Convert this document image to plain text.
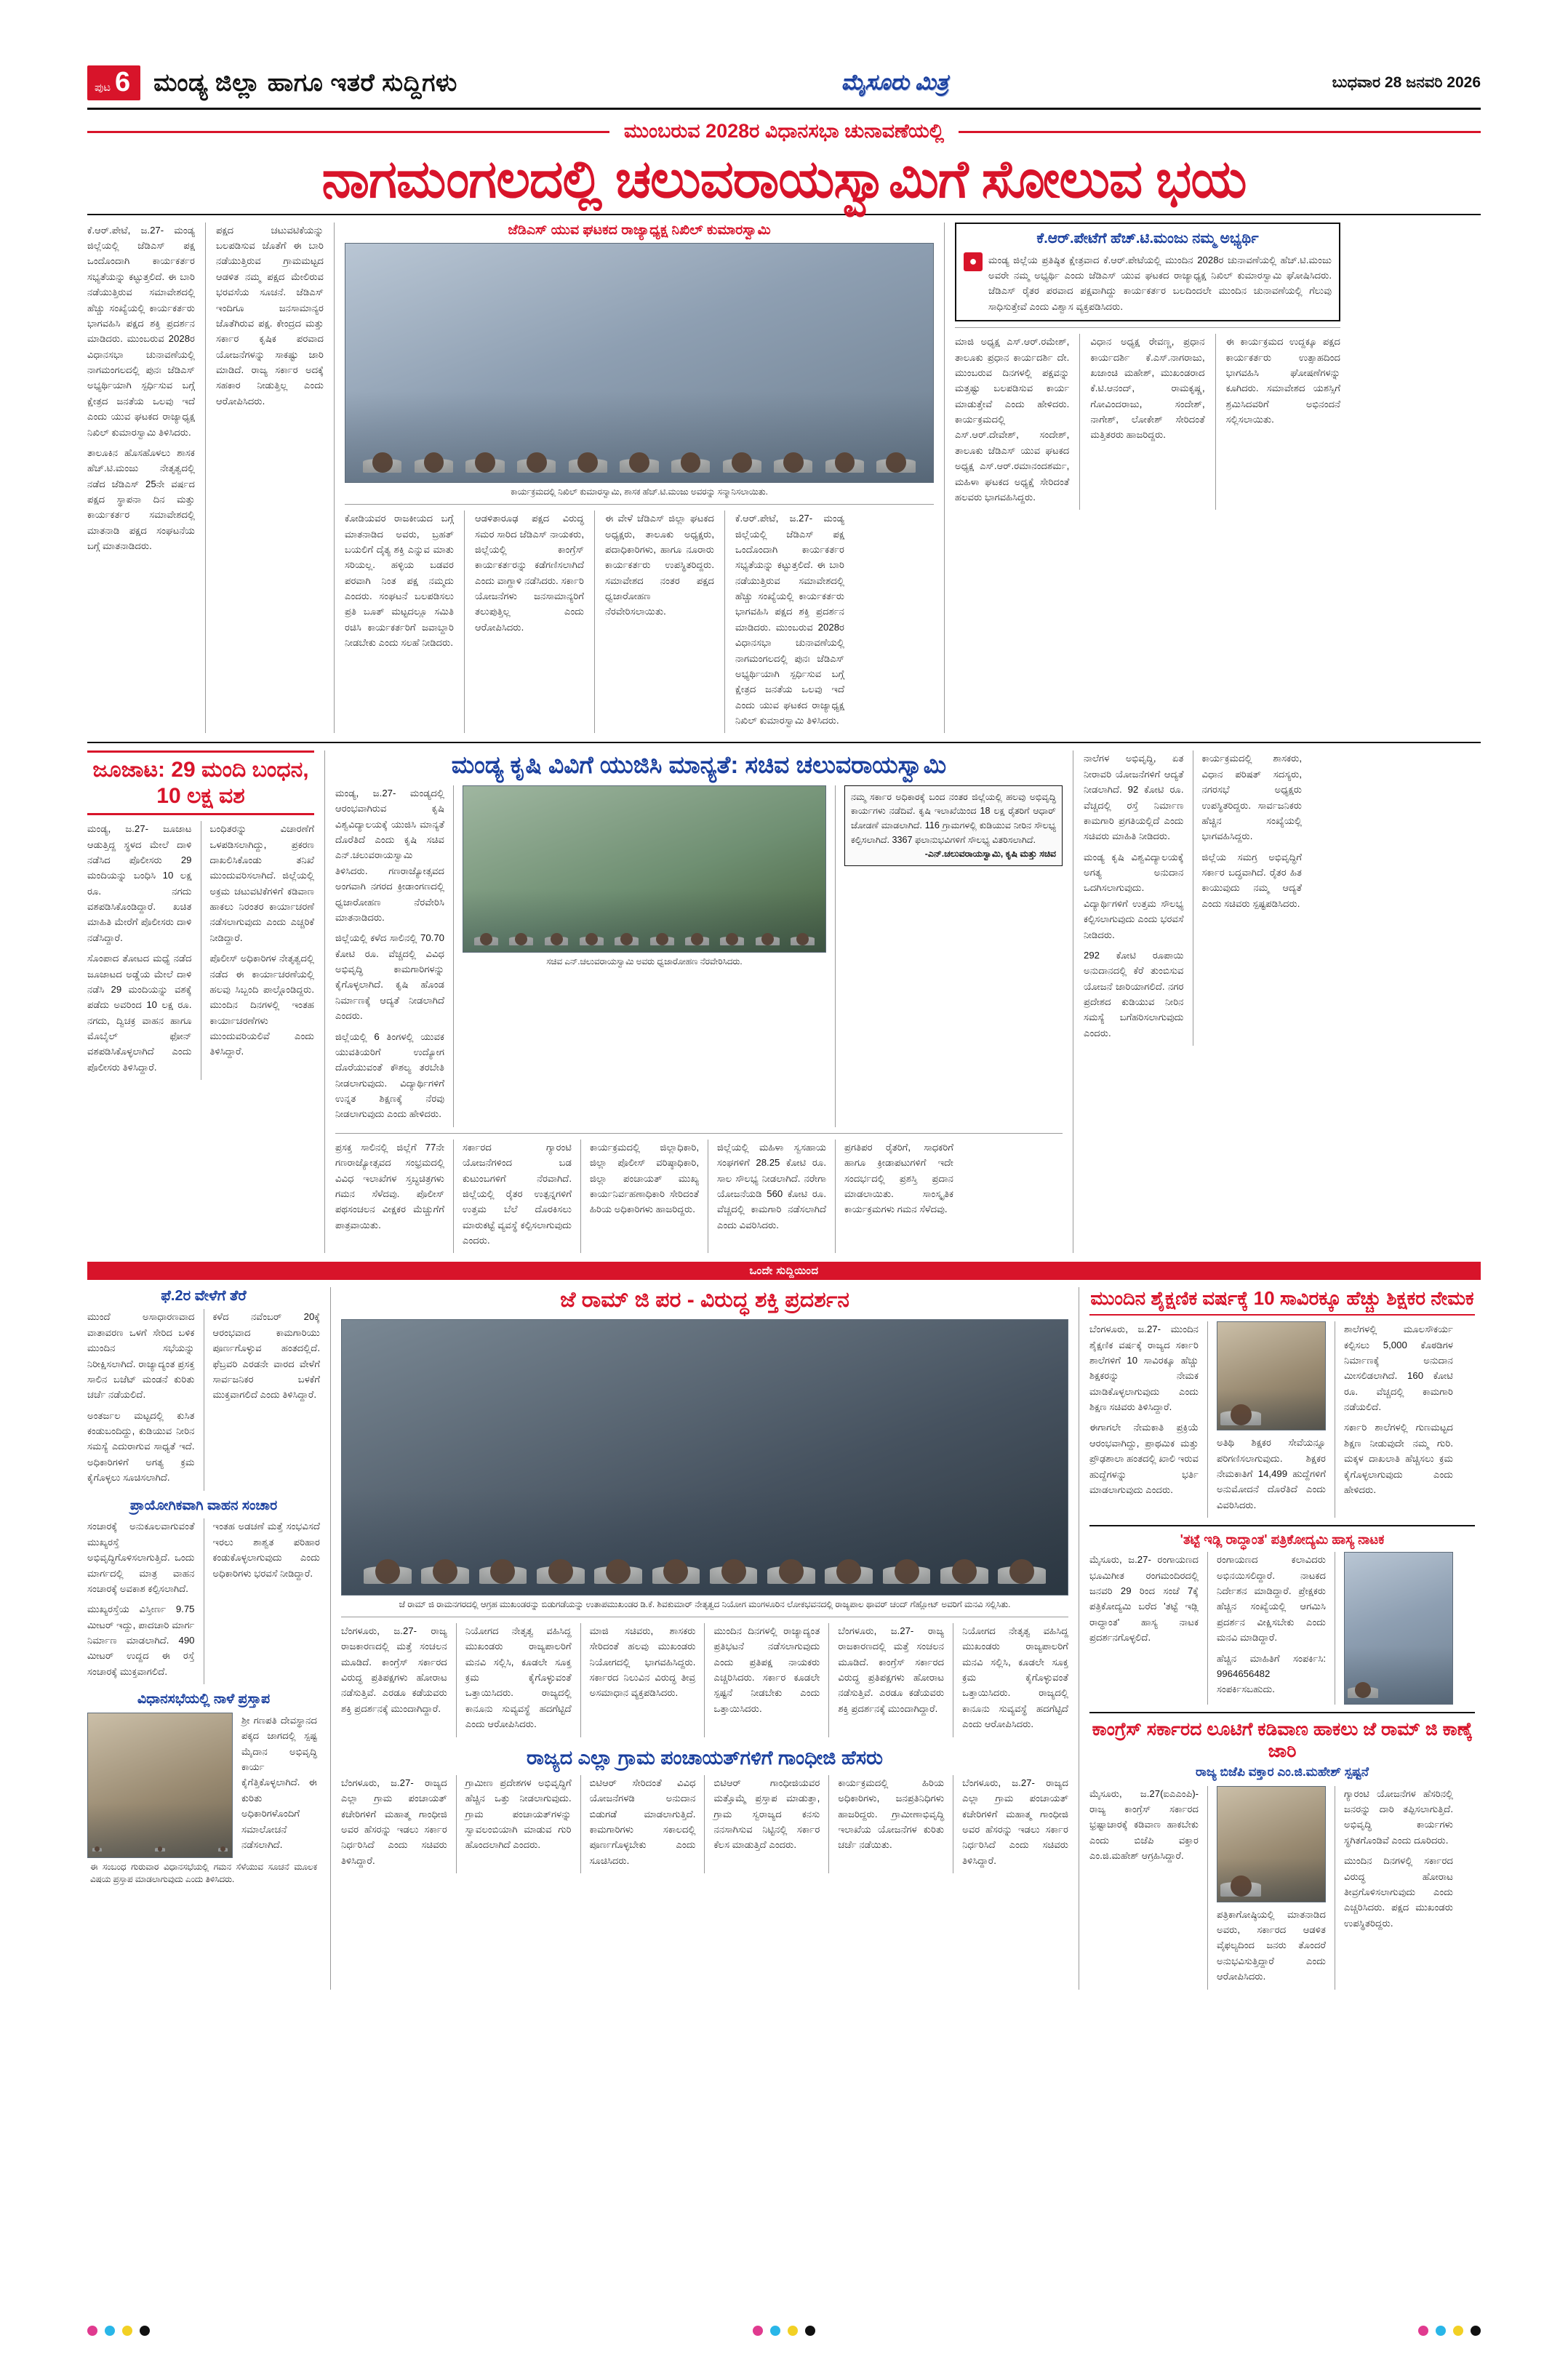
ಪುಟ 6 ಮಂಡ್ಯ ಜಿಲ್ಲಾ ಹಾಗೂ ಇತರೆ ಸುದ್ದಿಗಳು	ಮೈಸೂರು ಮಿತ್ರ	ಬುಧವಾರ 28 ಜನವರಿ 2026
ಮುಂಬರುವ 2028ರ ವಿಧಾನಸಭಾ ಚುನಾವಣೆಯಲ್ಲಿ
ನಾಗಮಂಗಲದಲ್ಲಿ ಚಲುವರಾಯಸ್ವಾಮಿಗೆ ಸೋಲುವ ಭಯ

ಕೆ.ಆರ್.ಪೇಟೆ, ಜ.27- ಮಂಡ್ಯ ಜಿಲ್ಲೆಯಲ್ಲಿ ಜೆಡಿಎಸ್ ಪಕ್ಷ ಒಂದೊಂದಾಗಿ ಕಾರ್ಯಕರ್ತರ ಸಭ್ಯತೆಯನ್ನು ಕಟ್ಟುತ್ತಲಿದೆ. ಈ ಬಾರಿ ನಡೆಯುತ್ತಿರುವ ಸಮಾವೇಶದಲ್ಲಿ ಹೆಚ್ಚು ಸಂಖ್ಯೆಯಲ್ಲಿ ಕಾರ್ಯಕರ್ತರು ಭಾಗವಹಿಸಿ ಪಕ್ಷದ ಶಕ್ತಿ ಪ್ರದರ್ಶನ ಮಾಡಿದರು. ಮುಂಬರುವ 2028ರ ವಿಧಾನಸಭಾ ಚುನಾವಣೆಯಲ್ಲಿ ನಾಗಮಂಗಲದಲ್ಲಿ ಪುನಃ ಜೆಡಿಎಸ್ ಅಭ್ಯರ್ಥಿಯಾಗಿ ಸ್ಪರ್ಧಿಸುವ ಬಗ್ಗೆ ಕ್ಷೇತ್ರದ ಜನತೆಯ ಒಲವು ಇದೆ ಎಂದು ಯುವ ಘಟಕದ ರಾಜ್ಯಾಧ್ಯಕ್ಷ ನಿಖಿಲ್ ಕುಮಾರಸ್ವಾಮಿ ತಿಳಿಸಿದರು.

ತಾಲೂಕಿನ ಹೊಸಹೊಳಲು ಶಾಸಕ ಹೆಚ್.ಟಿ.ಮಂಜು ನೇತೃತ್ವದಲ್ಲಿ ನಡೆದ ಜೆಡಿಎಸ್ 25ನೇ ವರ್ಷದ ಪಕ್ಷದ ಸ್ಥಾಪನಾ ದಿನ ಮತ್ತು ಕಾರ್ಯಕರ್ತರ ಸಮಾವೇಶದಲ್ಲಿ ಮಾತನಾಡಿ ಪಕ್ಷದ ಸಂಘಟನೆಯ ಬಗ್ಗೆ ಮಾತನಾಡಿದರು.

ಪಕ್ಷದ ಚಟುವಟಿಕೆಯನ್ನು ಬಲಪಡಿಸುವ ಜೊತೆಗೆ ಈ ಬಾರಿ ನಡೆಯುತ್ತಿರುವ ಗ್ರಾಮಮಟ್ಟದ ಆಡಳಿತ ನಮ್ಮ ಪಕ್ಷದ ಮೇಲಿರುವ ಭರವಸೆಯ ಸೂಚನೆ. ಜೆಡಿಎಸ್ ಇಂದಿಗೂ ಜನಸಾಮಾನ್ಯರ ಜೊತೆಗಿರುವ ಪಕ್ಷ. ಕೇಂದ್ರದ ಮತ್ತು ಸರ್ಕಾರ ಕೃಷಿಕ ಪರವಾದ ಯೋಜನೆಗಳನ್ನು ಸಾಕಷ್ಟು ಜಾರಿ ಮಾಡಿದೆ. ರಾಜ್ಯ ಸರ್ಕಾರ ಅದಕ್ಕೆ ಸಹಕಾರ ನೀಡುತ್ತಿಲ್ಲ ಎಂದು ಆರೋಪಿಸಿದರು.

ಜೆಡಿಎಸ್ ಯುವ ಘಟಕದ ರಾಜ್ಯಾಧ್ಯಕ್ಷ ನಿಖಿಲ್ ಕುಮಾರಸ್ವಾಮಿ
ಕಾರ್ಯಕ್ರಮದಲ್ಲಿ ನಿಖಿಲ್ ಕುಮಾರಸ್ವಾಮಿ, ಶಾಸಕ ಹೆಚ್.ಟಿ.ಮಂಜು ಅವರನ್ನು ಸನ್ಮಾನಿಸಲಾಯಿತು.

ಕೋಡಿಯವರ ರಾಜಕೀಯದ ಬಗ್ಗೆ ಮಾತನಾಡಿದ ಅವರು, ಬ್ರಹತ್ ಬಯಲಿಗೆ ದೈತ್ಯ ಶಕ್ತಿ ಎನ್ನುವ ಮಾತು ಸರಿಯಲ್ಲ. ಹಳ್ಳಿಯ ಬಡವರ ಪರವಾಗಿ ನಿಂತ ಪಕ್ಷ ನಮ್ಮದು ಎಂದರು. ಸಂಘಟನೆ ಬಲಪಡಿಸಲು ಪ್ರತಿ ಬೂತ್ ಮಟ್ಟದಲ್ಲೂ ಸಮಿತಿ ರಚಿಸಿ ಕಾರ್ಯಕರ್ತರಿಗೆ ಜವಾಬ್ದಾರಿ ನೀಡಬೇಕು ಎಂದು ಸಲಹೆ ನೀಡಿದರು.

ಆಡಳಿತಾರೂಢ ಪಕ್ಷದ ವಿರುದ್ಧ ಸಮರ ಸಾರಿದ ಜೆಡಿಎಸ್ ನಾಯಕರು, ಜಿಲ್ಲೆಯಲ್ಲಿ ಕಾಂಗ್ರೆಸ್ ಕಾರ್ಯಕರ್ತರನ್ನು ಕಡೆಗಣಿಸಲಾಗಿದೆ ಎಂದು ವಾಗ್ದಾಳಿ ನಡೆಸಿದರು. ಸರ್ಕಾರಿ ಯೋಜನೆಗಳು ಜನಸಾಮಾನ್ಯರಿಗೆ ತಲುಪುತ್ತಿಲ್ಲ ಎಂದು ಆರೋಪಿಸಿದರು.

ಈ ವೇಳೆ ಜೆಡಿಎಸ್ ಜಿಲ್ಲಾ ಘಟಕದ ಅಧ್ಯಕ್ಷರು, ತಾಲೂಕು ಅಧ್ಯಕ್ಷರು, ಪದಾಧಿಕಾರಿಗಳು, ಹಾಗೂ ನೂರಾರು ಕಾರ್ಯಕರ್ತರು ಉಪಸ್ಥಿತರಿದ್ದರು. ಸಮಾವೇಶದ ನಂತರ ಪಕ್ಷದ ಧ್ವಜಾರೋಹಣ ನೆರವೇರಿಸಲಾಯಿತು.

ಕೆ.ಆರ್.ಪೇಟೆ, ಜ.27- ಮಂಡ್ಯ ಜಿಲ್ಲೆಯಲ್ಲಿ ಜೆಡಿಎಸ್ ಪಕ್ಷ ಒಂದೊಂದಾಗಿ ಕಾರ್ಯಕರ್ತರ ಸಭ್ಯತೆಯನ್ನು ಕಟ್ಟುತ್ತಲಿದೆ. ಈ ಬಾರಿ ನಡೆಯುತ್ತಿರುವ ಸಮಾವೇಶದಲ್ಲಿ ಹೆಚ್ಚು ಸಂಖ್ಯೆಯಲ್ಲಿ ಕಾರ್ಯಕರ್ತರು ಭಾಗವಹಿಸಿ ಪಕ್ಷದ ಶಕ್ತಿ ಪ್ರದರ್ಶನ ಮಾಡಿದರು. ಮುಂಬರುವ 2028ರ ವಿಧಾನಸಭಾ ಚುನಾವಣೆಯಲ್ಲಿ ನಾಗಮಂಗಲದಲ್ಲಿ ಪುನಃ ಜೆಡಿಎಸ್ ಅಭ್ಯರ್ಥಿಯಾಗಿ ಸ್ಪರ್ಧಿಸುವ ಬಗ್ಗೆ ಕ್ಷೇತ್ರದ ಜನತೆಯ ಒಲವು ಇದೆ ಎಂದು ಯುವ ಘಟಕದ ರಾಜ್ಯಾಧ್ಯಕ್ಷ ನಿಖಿಲ್ ಕುಮಾರಸ್ವಾಮಿ ತಿಳಿಸಿದರು.

ಕೆ.ಆರ್.ಪೇಟೆಗೆ ಹೆಚ್.ಟಿ.ಮಂಜು ನಮ್ಮ ಅಭ್ಯರ್ಥಿ
●	ಮಂಡ್ಯ ಜಿಲ್ಲೆಯ ಪ್ರತಿಷ್ಠಿತ ಕ್ಷೇತ್ರವಾದ ಕೆ.ಆರ್.ಪೇಟೆಯಲ್ಲಿ ಮುಂದಿನ 2028ರ ಚುನಾವಣೆಯಲ್ಲಿ ಹೆಚ್.ಟಿ.ಮಂಜು ಅವರೇ ನಮ್ಮ ಅಭ್ಯರ್ಥಿ ಎಂದು ಜೆಡಿಎಸ್ ಯುವ ಘಟಕದ ರಾಜ್ಯಾಧ್ಯಕ್ಷ ನಿಖಿಲ್ ಕುಮಾರಸ್ವಾಮಿ ಘೋಷಿಸಿದರು. ಜೆಡಿಎಸ್ ರೈತರ ಪರವಾದ ಪಕ್ಷವಾಗಿದ್ದು ಕಾರ್ಯಕರ್ತರ ಬಲದಿಂದಲೇ ಮುಂದಿನ ಚುನಾವಣೆಯಲ್ಲಿ ಗೆಲುವು ಸಾಧಿಸುತ್ತೇವೆ ಎಂದು ವಿಶ್ವಾಸ ವ್ಯಕ್ತಪಡಿಸಿದರು.

ಮಾಜಿ ಅಧ್ಯಕ್ಷ ಎಸ್.ಆರ್.ರಮೇಶ್, ತಾಲೂಕು ಪ್ರಧಾನ ಕಾರ್ಯದರ್ಶಿ ದೇ. ಮುಂಬರುವ ದಿನಗಳಲ್ಲಿ ಪಕ್ಷವನ್ನು ಮತ್ತಷ್ಟು ಬಲಪಡಿಸುವ ಕಾರ್ಯ ಮಾಡುತ್ತೇವೆ ಎಂದು ಹೇಳಿದರು. ಕಾರ್ಯಕ್ರಮದಲ್ಲಿ ಎಸ್.ಆರ್.ದೇವೇಶ್, ಸಂದೇಶ್, ತಾಲೂಕು ಜೆಡಿಎಸ್ ಯುವ ಘಟಕದ ಅಧ್ಯಕ್ಷ ಎಸ್.ಆರ್.ರಮಾನಂದಶರ್ಮ, ಮಹಿಳಾ ಘಟಕದ ಅಧ್ಯಕ್ಷೆ ಸೇರಿದಂತೆ ಹಲವರು ಭಾಗವಹಿಸಿದ್ದರು.

ವಿಧಾನ ಅಧ್ಯಕ್ಷ ರೇವಣ್ಣ, ಪ್ರಧಾನ ಕಾರ್ಯದರ್ಶಿ ಕೆ.ಎಸ್.ನಾಗರಾಜು, ಖಜಾಂಚಿ ಮಹೇಶ್, ಮುಖಂಡರಾದ ಕೆ.ಟಿ.ಆನಂದ್, ರಾಮಕೃಷ್ಣ, ಗೋವಿಂದರಾಜು, ಸಂದೇಶ್, ನಾಗೇಶ್, ಲೋಕೇಶ್ ಸೇರಿದಂತೆ ಮತ್ತಿತರರು ಹಾಜರಿದ್ದರು.

ಈ ಕಾರ್ಯಕ್ರಮದ ಉದ್ದಕ್ಕೂ ಪಕ್ಷದ ಕಾರ್ಯಕರ್ತರು ಉತ್ಸಾಹದಿಂದ ಭಾಗವಹಿಸಿ ಘೋಷಣೆಗಳನ್ನು ಕೂಗಿದರು. ಸಮಾವೇಶದ ಯಶಸ್ಸಿಗೆ ಶ್ರಮಿಸಿದವರಿಗೆ ಅಭಿನಂದನೆ ಸಲ್ಲಿಸಲಾಯಿತು.

ಜೂಜಾಟ: 29 ಮಂದಿ ಬಂಧನ, 10 ಲಕ್ಷ ವಶ

ಮಂಡ್ಯ, ಜ.27- ಜೂಜಾಟ ಆಡುತ್ತಿದ್ದ ಸ್ಥಳದ ಮೇಲೆ ದಾಳಿ ನಡೆಸಿದ ಪೊಲೀಸರು 29 ಮಂದಿಯನ್ನು ಬಂಧಿಸಿ 10 ಲಕ್ಷ ರೂ. ನಗದು ವಶಪಡಿಸಿಕೊಂಡಿದ್ದಾರೆ. ಖಚಿತ ಮಾಹಿತಿ ಮೇರೆಗೆ ಪೊಲೀಸರು ದಾಳಿ ನಡೆಸಿದ್ದಾರೆ.

ಸೊಂಪಾದ ತೋಟದ ಮಧ್ಯೆ ನಡೆದ ಜೂಜಾಟದ ಅಡ್ಡೆಯ ಮೇಲೆ ದಾಳಿ ನಡೆಸಿ 29 ಮಂದಿಯನ್ನು ವಶಕ್ಕೆ ಪಡೆದು ಅವರಿಂದ 10 ಲಕ್ಷ ರೂ. ನಗದು, ದ್ವಿಚಕ್ರ ವಾಹನ ಹಾಗೂ ಮೊಬೈಲ್ ಫೋನ್ ವಶಪಡಿಸಿಕೊಳ್ಳಲಾಗಿದೆ ಎಂದು ಪೊಲೀಸರು ತಿಳಿಸಿದ್ದಾರೆ.

ಬಂಧಿತರನ್ನು ವಿಚಾರಣೆಗೆ ಒಳಪಡಿಸಲಾಗಿದ್ದು, ಪ್ರಕರಣ ದಾಖಲಿಸಿಕೊಂಡು ತನಿಖೆ ಮುಂದುವರಿಸಲಾಗಿದೆ. ಜಿಲ್ಲೆಯಲ್ಲಿ ಅಕ್ರಮ ಚಟುವಟಿಕೆಗಳಿಗೆ ಕಡಿವಾಣ ಹಾಕಲು ನಿರಂತರ ಕಾರ್ಯಾಚರಣೆ ನಡೆಸಲಾಗುವುದು ಎಂದು ಎಚ್ಚರಿಕೆ ನೀಡಿದ್ದಾರೆ.

ಪೊಲೀಸ್ ಅಧಿಕಾರಿಗಳ ನೇತೃತ್ವದಲ್ಲಿ ನಡೆದ ಈ ಕಾರ್ಯಾಚರಣೆಯಲ್ಲಿ ಹಲವು ಸಿಬ್ಬಂದಿ ಪಾಲ್ಗೊಂಡಿದ್ದರು. ಮುಂದಿನ ದಿನಗಳಲ್ಲಿ ಇಂತಹ ಕಾರ್ಯಾಚರಣೆಗಳು ಮುಂದುವರಿಯಲಿವೆ ಎಂದು ತಿಳಿಸಿದ್ದಾರೆ.

ಮಂಡ್ಯ ಕೃಷಿ ವಿವಿಗೆ ಯುಜಿಸಿ ಮಾನ್ಯತೆ: ಸಚಿವ ಚಲುವರಾಯಸ್ವಾಮಿ

ಮಂಡ್ಯ, ಜ.27- ಮಂಡ್ಯದಲ್ಲಿ ಆರಂಭವಾಗಿರುವ ಕೃಷಿ ವಿಶ್ವವಿದ್ಯಾಲಯಕ್ಕೆ ಯುಜಿಸಿ ಮಾನ್ಯತೆ ದೊರೆತಿದೆ ಎಂದು ಕೃಷಿ ಸಚಿವ ಎನ್.ಚಲುವರಾಯಸ್ವಾಮಿ ತಿಳಿಸಿದರು. ಗಣರಾಜ್ಯೋತ್ಸವದ ಅಂಗವಾಗಿ ನಗರದ ಕ್ರೀಡಾಂಗಣದಲ್ಲಿ ಧ್ವಜಾರೋಹಣ ನೆರವೇರಿಸಿ ಮಾತನಾಡಿದರು.

ಜಿಲ್ಲೆಯಲ್ಲಿ ಕಳೆದ ಸಾಲಿನಲ್ಲಿ 70.70 ಕೋಟಿ ರೂ. ವೆಚ್ಚದಲ್ಲಿ ವಿವಿಧ ಅಭಿವೃದ್ಧಿ ಕಾಮಗಾರಿಗಳನ್ನು ಕೈಗೊಳ್ಳಲಾಗಿದೆ. ಕೃಷಿ ಹೊಂಡ ನಿರ್ಮಾಣಕ್ಕೆ ಆದ್ಯತೆ ನೀಡಲಾಗಿದೆ ಎಂದರು.

ಜಿಲ್ಲೆಯಲ್ಲಿ 6 ತಿಂಗಳಲ್ಲಿ ಯುವಕ ಯುವತಿಯರಿಗೆ ಉದ್ಯೋಗ ದೊರೆಯುವಂತೆ ಕೌಶಲ್ಯ ತರಬೇತಿ ನೀಡಲಾಗುವುದು. ವಿದ್ಯಾರ್ಥಿಗಳಿಗೆ ಉನ್ನತ ಶಿಕ್ಷಣಕ್ಕೆ ನೆರವು ನೀಡಲಾಗುವುದು ಎಂದು ಹೇಳಿದರು.

ಸಚಿವ ಎನ್.ಚಲುವರಾಯಸ್ವಾಮಿ ಅವರು ಧ್ವಜಾರೋಹಣ ನೆರವೇರಿಸಿದರು.
ನಮ್ಮ ಸರ್ಕಾರ ಅಧಿಕಾರಕ್ಕೆ ಬಂದ ನಂತರ ಜಿಲ್ಲೆಯಲ್ಲಿ ಹಲವು ಅಭಿವೃದ್ಧಿ ಕಾರ್ಯಗಳು ನಡೆದಿವೆ. ಕೃಷಿ ಇಲಾಖೆಯಿಂದ 18 ಲಕ್ಷ ರೈತರಿಗೆ ಆಧಾರ್ ಜೋಡಣೆ ಮಾಡಲಾಗಿದೆ. 116 ಗ್ರಾಮಗಳಲ್ಲಿ ಕುಡಿಯುವ ನೀರಿನ ಸೌಲಭ್ಯ ಕಲ್ಪಿಸಲಾಗಿದೆ. 3367 ಫಲಾನುಭವಿಗಳಿಗೆ ಸೌಲಭ್ಯ ವಿತರಿಸಲಾಗಿದೆ.
-ಎನ್.ಚಲುವರಾಯಸ್ವಾಮಿ, ಕೃಷಿ ಮತ್ತು ಸಚಿವ

ಪ್ರಸಕ್ತ ಸಾಲಿನಲ್ಲಿ ಜಿಲ್ಲೆಗೆ 77ನೇ ಗಣರಾಜ್ಯೋತ್ಸವದ ಸಂಭ್ರಮದಲ್ಲಿ ವಿವಿಧ ಇಲಾಖೆಗಳ ಸ್ತಬ್ಧಚಿತ್ರಗಳು ಗಮನ ಸೆಳೆದವು. ಪೊಲೀಸ್ ಪಥಸಂಚಲನ ವೀಕ್ಷಕರ ಮೆಚ್ಚುಗೆಗೆ ಪಾತ್ರವಾಯಿತು.

ಸರ್ಕಾರದ ಗ್ಯಾರಂಟಿ ಯೋಜನೆಗಳಿಂದ ಬಡ ಕುಟುಂಬಗಳಿಗೆ ನೆರವಾಗಿದೆ. ಜಿಲ್ಲೆಯಲ್ಲಿ ರೈತರ ಉತ್ಪನ್ನಗಳಿಗೆ ಉತ್ತಮ ಬೆಲೆ ದೊರಕಿಸಲು ಮಾರುಕಟ್ಟೆ ವ್ಯವಸ್ಥೆ ಕಲ್ಪಿಸಲಾಗುವುದು ಎಂದರು.

ಕಾರ್ಯಕ್ರಮದಲ್ಲಿ ಜಿಲ್ಲಾಧಿಕಾರಿ, ಜಿಲ್ಲಾ ಪೊಲೀಸ್ ವರಿಷ್ಠಾಧಿಕಾರಿ, ಜಿಲ್ಲಾ ಪಂಚಾಯತ್ ಮುಖ್ಯ ಕಾರ್ಯನಿರ್ವಹಣಾಧಿಕಾರಿ ಸೇರಿದಂತೆ ಹಿರಿಯ ಅಧಿಕಾರಿಗಳು ಹಾಜರಿದ್ದರು.

ಜಿಲ್ಲೆಯಲ್ಲಿ ಮಹಿಳಾ ಸ್ವಸಹಾಯ ಸಂಘಗಳಿಗೆ 28.25 ಕೋಟಿ ರೂ. ಸಾಲ ಸೌಲಭ್ಯ ನೀಡಲಾಗಿದೆ. ನರೇಗಾ ಯೋಜನೆಯಡಿ 560 ಕೋಟಿ ರೂ. ವೆಚ್ಚದಲ್ಲಿ ಕಾಮಗಾರಿ ನಡೆಸಲಾಗಿದೆ ಎಂದು ವಿವರಿಸಿದರು.

ಪ್ರಗತಿಪರ ರೈತರಿಗೆ, ಸಾಧಕರಿಗೆ ಹಾಗೂ ಕ್ರೀಡಾಪಟುಗಳಿಗೆ ಇದೇ ಸಂದರ್ಭದಲ್ಲಿ ಪ್ರಶಸ್ತಿ ಪ್ರದಾನ ಮಾಡಲಾಯಿತು. ಸಾಂಸ್ಕೃತಿಕ ಕಾರ್ಯಕ್ರಮಗಳು ಗಮನ ಸೆಳೆದವು.

ನಾಲೆಗಳ ಅಭಿವೃದ್ಧಿ, ಏತ ನೀರಾವರಿ ಯೋಜನೆಗಳಿಗೆ ಆದ್ಯತೆ ನೀಡಲಾಗಿದೆ. 92 ಕೋಟಿ ರೂ. ವೆಚ್ಚದಲ್ಲಿ ರಸ್ತೆ ನಿರ್ಮಾಣ ಕಾಮಗಾರಿ ಪ್ರಗತಿಯಲ್ಲಿದೆ ಎಂದು ಸಚಿವರು ಮಾಹಿತಿ ನೀಡಿದರು.

ಮಂಡ್ಯ ಕೃಷಿ ವಿಶ್ವವಿದ್ಯಾಲಯಕ್ಕೆ ಅಗತ್ಯ ಅನುದಾನ ಒದಗಿಸಲಾಗುವುದು. ವಿದ್ಯಾರ್ಥಿಗಳಿಗೆ ಉತ್ತಮ ಸೌಲಭ್ಯ ಕಲ್ಪಿಸಲಾಗುವುದು ಎಂದು ಭರವಸೆ ನೀಡಿದರು.

292 ಕೋಟಿ ರೂಪಾಯಿ ಅನುದಾನದಲ್ಲಿ ಕೆರೆ ತುಂಬಿಸುವ ಯೋಜನೆ ಜಾರಿಯಾಗಲಿದೆ. ನಗರ ಪ್ರದೇಶದ ಕುಡಿಯುವ ನೀರಿನ ಸಮಸ್ಯೆ ಬಗೆಹರಿಸಲಾಗುವುದು ಎಂದರು.

ಕಾರ್ಯಕ್ರಮದಲ್ಲಿ ಶಾಸಕರು, ವಿಧಾನ ಪರಿಷತ್ ಸದಸ್ಯರು, ನಗರಸಭೆ ಅಧ್ಯಕ್ಷರು ಉಪಸ್ಥಿತರಿದ್ದರು. ಸಾರ್ವಜನಿಕರು ಹೆಚ್ಚಿನ ಸಂಖ್ಯೆಯಲ್ಲಿ ಭಾಗವಹಿಸಿದ್ದರು.

ಜಿಲ್ಲೆಯ ಸಮಗ್ರ ಅಭಿವೃದ್ಧಿಗೆ ಸರ್ಕಾರ ಬದ್ಧವಾಗಿದೆ. ರೈತರ ಹಿತ ಕಾಯುವುದು ನಮ್ಮ ಆದ್ಯತೆ ಎಂದು ಸಚಿವರು ಸ್ಪಷ್ಟಪಡಿಸಿದರು.

ಒಂದೇ ಸುದ್ದಿಯಿಂದ
ಫೆ.2ರ ವೇಳೆಗೆ ತೆರೆ

ಮುಂದೆ ಅಸಾಧಾರಣವಾದ ವಾತಾವರಣ ಒಳಗೆ ಸೇರಿದ ಬಳಿಕ ಮುಂದಿನ ಸಭೆಯನ್ನು ನಿರೀಕ್ಷಿಸಲಾಗಿದೆ. ರಾಜ್ಯಾದ್ಯಂತ ಪ್ರಸಕ್ತ ಸಾಲಿನ ಬಜೆಟ್ ಮಂಡನೆ ಕುರಿತು ಚರ್ಚೆ ನಡೆಯಲಿದೆ.

ಅಂತರ್ಜಲ ಮಟ್ಟದಲ್ಲಿ ಕುಸಿತ ಕಂಡುಬಂದಿದ್ದು, ಕುಡಿಯುವ ನೀರಿನ ಸಮಸ್ಯೆ ಎದುರಾಗುವ ಸಾಧ್ಯತೆ ಇದೆ. ಅಧಿಕಾರಿಗಳಿಗೆ ಅಗತ್ಯ ಕ್ರಮ ಕೈಗೊಳ್ಳಲು ಸೂಚಿಸಲಾಗಿದೆ.

ಕಳೆದ ನವೆಂಬರ್ 20ಕ್ಕೆ ಆರಂಭವಾದ ಕಾಮಗಾರಿಯು ಪೂರ್ಣಗೊಳ್ಳುವ ಹಂತದಲ್ಲಿದೆ. ಫೆಬ್ರವರಿ ಎರಡನೇ ವಾರದ ವೇಳೆಗೆ ಸಾರ್ವಜನಿಕರ ಬಳಕೆಗೆ ಮುಕ್ತವಾಗಲಿದೆ ಎಂದು ತಿಳಿಸಿದ್ದಾರೆ.

ಪ್ರಾಯೋಗಿಕವಾಗಿ ವಾಹನ ಸಂಚಾರ

ಸಂಚಾರಕ್ಕೆ ಅನುಕೂಲವಾಗುವಂತೆ ಮುಖ್ಯರಸ್ತೆ ಅಭಿವೃದ್ಧಿಗೊಳಿಸಲಾಗುತ್ತಿದೆ. ಒಂದು ಮಾರ್ಗದಲ್ಲಿ ಮಾತ್ರ ವಾಹನ ಸಂಚಾರಕ್ಕೆ ಅವಕಾಶ ಕಲ್ಪಿಸಲಾಗಿದೆ.

ಮುಖ್ಯರಸ್ತೆಯ ವಿಸ್ತೀರ್ಣ 9.75 ಮೀಟರ್ ಇದ್ದು, ಪಾದಚಾರಿ ಮಾರ್ಗ ನಿರ್ಮಾಣ ಮಾಡಲಾಗಿದೆ. 490 ಮೀಟರ್ ಉದ್ದದ ಈ ರಸ್ತೆ ಸಂಚಾರಕ್ಕೆ ಮುಕ್ತವಾಗಲಿದೆ.

ಇಂತಹ ಅಡಚಣೆ ಮತ್ತೆ ಸಂಭವಿಸದೆ ಇರಲು ಶಾಶ್ವತ ಪರಿಹಾರ ಕಂಡುಕೊಳ್ಳಲಾಗುವುದು ಎಂದು ಅಧಿಕಾರಿಗಳು ಭರವಸೆ ನೀಡಿದ್ದಾರೆ.

ವಿಧಾನಸಭೆಯಲ್ಲಿ ನಾಳೆ ಪ್ರಸ್ತಾಪ

ಶ್ರೀ ಗಣಪತಿ ದೇವಸ್ಥಾನದ ಪಕ್ಕದ ಜಾಗದಲ್ಲಿ ಸ್ಪಷ್ಟ ಮೈದಾನ ಅಭಿವೃದ್ಧಿ ಕಾರ್ಯ ಕೈಗೆತ್ತಿಕೊಳ್ಳಲಾಗಿದೆ. ಈ ಕುರಿತು ಅಧಿಕಾರಿಗಳೊಂದಿಗೆ ಸಮಾಲೋಚನೆ ನಡೆಸಲಾಗಿದೆ.

ಈ ಸಂಬಂಧ ಗುರುವಾರ ವಿಧಾನಸಭೆಯಲ್ಲಿ ಗಮನ ಸೆಳೆಯುವ ಸೂಚನೆ ಮೂಲಕ ವಿಷಯ ಪ್ರಸ್ತಾಪ ಮಾಡಲಾಗುವುದು ಎಂದು ತಿಳಿಸಿದರು.
ಜೆ ರಾಮ್ ಜಿ ಪರ - ವಿರುದ್ಧ ಶಕ್ತಿ ಪ್ರದರ್ಶನ
ಜೆ ರಾಮ್ ಜಿ ರಾಮನಗರದಲ್ಲಿ ಆಗ್ರಹ ಮುಖಂಡರನ್ನು ಬಿಡುಗಡೆಯನ್ನು ಉತಾಪಮುಖಂಡರ ಡಿ.ಕೆ. ಶಿವಕುಮಾರ್ ನೇತೃತ್ವದ ನಿಯೋಗ ಮಂಗಳೂರಿನ ಲೋಕಭವನದಲ್ಲಿ ರಾಜ್ಯಪಾಲ ಥಾವರ್ ಚಂದ್ ಗೆಹ್ಲೋಟ್ ಅವರಿಗೆ ಮನವಿ ಸಲ್ಲಿಸಿತು.

ಬೆಂಗಳೂರು, ಜ.27- ರಾಜ್ಯ ರಾಜಕಾರಣದಲ್ಲಿ ಮತ್ತೆ ಸಂಚಲನ ಮೂಡಿದೆ. ಕಾಂಗ್ರೆಸ್ ಸರ್ಕಾರದ ವಿರುದ್ಧ ಪ್ರತಿಪಕ್ಷಗಳು ಹೋರಾಟ ನಡೆಸುತ್ತಿವೆ. ಎರಡೂ ಕಡೆಯವರು ಶಕ್ತಿ ಪ್ರದರ್ಶನಕ್ಕೆ ಮುಂದಾಗಿದ್ದಾರೆ.

ನಿಯೋಗದ ನೇತೃತ್ವ ವಹಿಸಿದ್ದ ಮುಖಂಡರು ರಾಜ್ಯಪಾಲರಿಗೆ ಮನವಿ ಸಲ್ಲಿಸಿ, ಕೂಡಲೇ ಸೂಕ್ತ ಕ್ರಮ ಕೈಗೊಳ್ಳುವಂತೆ ಒತ್ತಾಯಿಸಿದರು. ರಾಜ್ಯದಲ್ಲಿ ಕಾನೂನು ಸುವ್ಯವಸ್ಥೆ ಹದಗೆಟ್ಟಿದೆ ಎಂದು ಆರೋಪಿಸಿದರು.

ಮಾಜಿ ಸಚಿವರು, ಶಾಸಕರು ಸೇರಿದಂತೆ ಹಲವು ಮುಖಂಡರು ನಿಯೋಗದಲ್ಲಿ ಭಾಗವಹಿಸಿದ್ದರು. ಸರ್ಕಾರದ ನಿಲುವಿನ ವಿರುದ್ಧ ತೀವ್ರ ಅಸಮಾಧಾನ ವ್ಯಕ್ತಪಡಿಸಿದರು.

ಮುಂದಿನ ದಿನಗಳಲ್ಲಿ ರಾಜ್ಯಾದ್ಯಂತ ಪ್ರತಿಭಟನೆ ನಡೆಸಲಾಗುವುದು ಎಂದು ಪ್ರತಿಪಕ್ಷ ನಾಯಕರು ಎಚ್ಚರಿಸಿದರು. ಸರ್ಕಾರ ಕೂಡಲೇ ಸ್ಪಷ್ಟನೆ ನೀಡಬೇಕು ಎಂದು ಒತ್ತಾಯಿಸಿದರು.

ಬೆಂಗಳೂರು, ಜ.27- ರಾಜ್ಯ ರಾಜಕಾರಣದಲ್ಲಿ ಮತ್ತೆ ಸಂಚಲನ ಮೂಡಿದೆ. ಕಾಂಗ್ರೆಸ್ ಸರ್ಕಾರದ ವಿರುದ್ಧ ಪ್ರತಿಪಕ್ಷಗಳು ಹೋರಾಟ ನಡೆಸುತ್ತಿವೆ. ಎರಡೂ ಕಡೆಯವರು ಶಕ್ತಿ ಪ್ರದರ್ಶನಕ್ಕೆ ಮುಂದಾಗಿದ್ದಾರೆ.

ನಿಯೋಗದ ನೇತೃತ್ವ ವಹಿಸಿದ್ದ ಮುಖಂಡರು ರಾಜ್ಯಪಾಲರಿಗೆ ಮನವಿ ಸಲ್ಲಿಸಿ, ಕೂಡಲೇ ಸೂಕ್ತ ಕ್ರಮ ಕೈಗೊಳ್ಳುವಂತೆ ಒತ್ತಾಯಿಸಿದರು. ರಾಜ್ಯದಲ್ಲಿ ಕಾನೂನು ಸುವ್ಯವಸ್ಥೆ ಹದಗೆಟ್ಟಿದೆ ಎಂದು ಆರೋಪಿಸಿದರು.

ರಾಜ್ಯದ ಎಲ್ಲಾ ಗ್ರಾಮ ಪಂಚಾಯತ್‌ಗಳಿಗೆ ಗಾಂಧೀಜಿ ಹೆಸರು

ಬೆಂಗಳೂರು, ಜ.27- ರಾಜ್ಯದ ಎಲ್ಲಾ ಗ್ರಾಮ ಪಂಚಾಯತ್ ಕಚೇರಿಗಳಿಗೆ ಮಹಾತ್ಮ ಗಾಂಧೀಜಿ ಅವರ ಹೆಸರನ್ನು ಇಡಲು ಸರ್ಕಾರ ನಿರ್ಧರಿಸಿದೆ ಎಂದು ಸಚಿವರು ತಿಳಿಸಿದ್ದಾರೆ.

ಗ್ರಾಮೀಣ ಪ್ರದೇಶಗಳ ಅಭಿವೃದ್ಧಿಗೆ ಹೆಚ್ಚಿನ ಒತ್ತು ನೀಡಲಾಗುವುದು. ಗ್ರಾಮ ಪಂಚಾಯತ್‌ಗಳನ್ನು ಸ್ವಾವಲಂಬಿಯಾಗಿ ಮಾಡುವ ಗುರಿ ಹೊಂದಲಾಗಿದೆ ಎಂದರು.

ಬಿಟಿಆರ್ ಸೇರಿದಂತೆ ವಿವಿಧ ಯೋಜನೆಗಳಡಿ ಅನುದಾನ ಬಿಡುಗಡೆ ಮಾಡಲಾಗುತ್ತಿದೆ. ಕಾಮಗಾರಿಗಳು ಸಕಾಲದಲ್ಲಿ ಪೂರ್ಣಗೊಳ್ಳಬೇಕು ಎಂದು ಸೂಚಿಸಿದರು.

ಬಿಟಿಆರ್ ಗಾಂಧೀಜಿಯವರ ಮತ್ತೊಮ್ಮೆ ಪ್ರಸ್ತಾಪ ಮಾಡುತ್ತಾ, ಗ್ರಾಮ ಸ್ವರಾಜ್ಯದ ಕನಸು ನನಸಾಗಿಸುವ ನಿಟ್ಟಿನಲ್ಲಿ ಸರ್ಕಾರ ಕೆಲಸ ಮಾಡುತ್ತಿದೆ ಎಂದರು.

ಕಾರ್ಯಕ್ರಮದಲ್ಲಿ ಹಿರಿಯ ಅಧಿಕಾರಿಗಳು, ಜನಪ್ರತಿನಿಧಿಗಳು ಹಾಜರಿದ್ದರು. ಗ್ರಾಮೀಣಾಭಿವೃದ್ಧಿ ಇಲಾಖೆಯ ಯೋಜನೆಗಳ ಕುರಿತು ಚರ್ಚೆ ನಡೆಯಿತು.

ಬೆಂಗಳೂರು, ಜ.27- ರಾಜ್ಯದ ಎಲ್ಲಾ ಗ್ರಾಮ ಪಂಚಾಯತ್ ಕಚೇರಿಗಳಿಗೆ ಮಹಾತ್ಮ ಗಾಂಧೀಜಿ ಅವರ ಹೆಸರನ್ನು ಇಡಲು ಸರ್ಕಾರ ನಿರ್ಧರಿಸಿದೆ ಎಂದು ಸಚಿವರು ತಿಳಿಸಿದ್ದಾರೆ.

ಮುಂದಿನ ಶೈಕ್ಷಣಿಕ ವರ್ಷಕ್ಕೆ 10 ಸಾವಿರಕ್ಕೂ ಹೆಚ್ಚು ಶಿಕ್ಷಕರ ನೇಮಕ

ಬೆಂಗಳೂರು, ಜ.27- ಮುಂದಿನ ಶೈಕ್ಷಣಿಕ ವರ್ಷಕ್ಕೆ ರಾಜ್ಯದ ಸರ್ಕಾರಿ ಶಾಲೆಗಳಿಗೆ 10 ಸಾವಿರಕ್ಕೂ ಹೆಚ್ಚು ಶಿಕ್ಷಕರನ್ನು ನೇಮಕ ಮಾಡಿಕೊಳ್ಳಲಾಗುವುದು ಎಂದು ಶಿಕ್ಷಣ ಸಚಿವರು ತಿಳಿಸಿದ್ದಾರೆ.

ಈಗಾಗಲೇ ನೇಮಕಾತಿ ಪ್ರಕ್ರಿಯೆ ಆರಂಭವಾಗಿದ್ದು, ಪ್ರಾಥಮಿಕ ಮತ್ತು ಪ್ರೌಢಶಾಲಾ ಹಂತದಲ್ಲಿ ಖಾಲಿ ಇರುವ ಹುದ್ದೆಗಳನ್ನು ಭರ್ತಿ ಮಾಡಲಾಗುವುದು ಎಂದರು.

ಅತಿಥಿ ಶಿಕ್ಷಕರ ಸೇವೆಯನ್ನೂ ಪರಿಗಣಿಸಲಾಗುವುದು. ಶಿಕ್ಷಕರ ನೇಮಕಾತಿಗೆ 14,499 ಹುದ್ದೆಗಳಿಗೆ ಅನುಮೋದನೆ ದೊರೆತಿದೆ ಎಂದು ವಿವರಿಸಿದರು.

ಶಾಲೆಗಳಲ್ಲಿ ಮೂಲಸೌಕರ್ಯ ಕಲ್ಪಿಸಲು 5,000 ಕೊಠಡಿಗಳ ನಿರ್ಮಾಣಕ್ಕೆ ಅನುದಾನ ಮೀಸಲಿಡಲಾಗಿದೆ. 160 ಕೋಟಿ ರೂ. ವೆಚ್ಚದಲ್ಲಿ ಕಾಮಗಾರಿ ನಡೆಯಲಿದೆ.

ಸರ್ಕಾರಿ ಶಾಲೆಗಳಲ್ಲಿ ಗುಣಮಟ್ಟದ ಶಿಕ್ಷಣ ನೀಡುವುದೇ ನಮ್ಮ ಗುರಿ. ಮಕ್ಕಳ ದಾಖಲಾತಿ ಹೆಚ್ಚಿಸಲು ಕ್ರಮ ಕೈಗೊಳ್ಳಲಾಗುವುದು ಎಂದು ಹೇಳಿದರು.

'ತಟ್ಟೆ ಇಡ್ಲಿ ರಾದ್ಧಾಂತ' ಪತ್ರಿಕೋದ್ಯಮಿ ಹಾಸ್ಯ ನಾಟಕ

ಮೈಸೂರು, ಜ.27- ರಂಗಾಯಣದ ಭೂಮಿಗೀತ ರಂಗಮಂದಿರದಲ್ಲಿ ಜನವರಿ 29 ರಿಂದ ಸಂಜೆ 7ಕ್ಕೆ ಪತ್ರಿಕೋದ್ಯಮಿ ಬರೆದ 'ತಟ್ಟೆ ಇಡ್ಲಿ ರಾದ್ಧಾಂತ' ಹಾಸ್ಯ ನಾಟಕ ಪ್ರದರ್ಶನಗೊಳ್ಳಲಿದೆ.

ರಂಗಾಯಣದ ಕಲಾವಿದರು ಅಭಿನಯಿಸಲಿದ್ದಾರೆ. ನಾಟಕದ ನಿರ್ದೇಶನ ಮಾಡಿದ್ದಾರೆ. ಪ್ರೇಕ್ಷಕರು ಹೆಚ್ಚಿನ ಸಂಖ್ಯೆಯಲ್ಲಿ ಆಗಮಿಸಿ ಪ್ರದರ್ಶನ ವೀಕ್ಷಿಸಬೇಕು ಎಂದು ಮನವಿ ಮಾಡಿದ್ದಾರೆ.

ಹೆಚ್ಚಿನ ಮಾಹಿತಿಗೆ ಸಂಪರ್ಕಿಸಿ: 9964656482 ಸಂಪರ್ಕಿಸಬಹುದು.

ಕಾಂಗ್ರೆಸ್ ಸರ್ಕಾರದ ಲೂಟಿಗೆ ಕಡಿವಾಣ ಹಾಕಲು ಜೆ ರಾಮ್ ಜಿ ಕಾಣ್ಕೆ ಜಾರಿ
ರಾಜ್ಯ ಬಿಜೆಪಿ ವಕ್ತಾರ ಎಂ.ಜಿ.ಮಹೇಶ್ ಸ್ಪಷ್ಟನೆ

ಮೈಸೂರು, ಜ.27(ಐಎಎಂಪಿ)- ರಾಜ್ಯ ಕಾಂಗ್ರೆಸ್ ಸರ್ಕಾರದ ಭ್ರಷ್ಟಾಚಾರಕ್ಕೆ ಕಡಿವಾಣ ಹಾಕಬೇಕು ಎಂದು ಬಿಜೆಪಿ ವಕ್ತಾರ ಎಂ.ಜಿ.ಮಹೇಶ್ ಆಗ್ರಹಿಸಿದ್ದಾರೆ.

ಪತ್ರಿಕಾಗೋಷ್ಠಿಯಲ್ಲಿ ಮಾತನಾಡಿದ ಅವರು, ಸರ್ಕಾರದ ಆಡಳಿತ ವೈಫಲ್ಯದಿಂದ ಜನರು ತೊಂದರೆ ಅನುಭವಿಸುತ್ತಿದ್ದಾರೆ ಎಂದು ಆರೋಪಿಸಿದರು.

ಗ್ಯಾರಂಟಿ ಯೋಜನೆಗಳ ಹೆಸರಿನಲ್ಲಿ ಜನರನ್ನು ದಾರಿ ತಪ್ಪಿಸಲಾಗುತ್ತಿದೆ. ಅಭಿವೃದ್ಧಿ ಕಾರ್ಯಗಳು ಸ್ಥಗಿತಗೊಂಡಿವೆ ಎಂದು ದೂರಿದರು.

ಮುಂದಿನ ದಿನಗಳಲ್ಲಿ ಸರ್ಕಾರದ ವಿರುದ್ಧ ಹೋರಾಟ ತೀವ್ರಗೊಳಿಸಲಾಗುವುದು ಎಂದು ಎಚ್ಚರಿಸಿದರು. ಪಕ್ಷದ ಮುಖಂಡರು ಉಪಸ್ಥಿತರಿದ್ದರು.
